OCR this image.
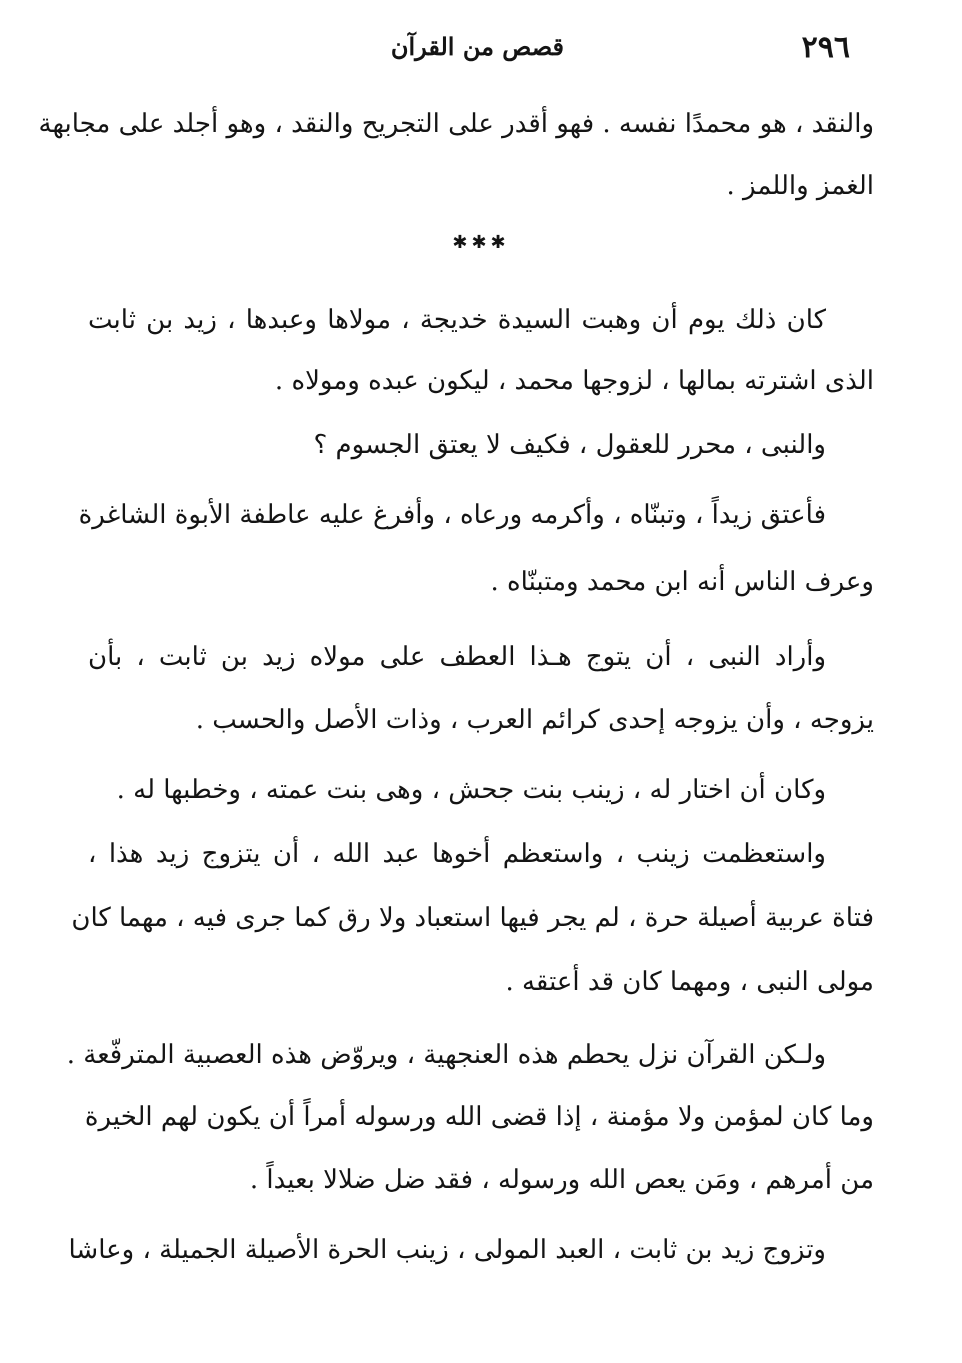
٢٩٦
قصص من القرآن
والنقد ، هو محمدًا نفسه . فهو أقدر على التجريح والنقد ، وهو أجلد على مجابهة
الغمز واللمز .
✱✱✱
كان ذلك يوم أن وهبت السيدة خديجة ، مولاها وعبدها ، زيد بن ثابت
الذى اشترته بمالها ، لزوجها محمد ، ليكون عبده ومولاه .
والنبى ، محرر للعقول ، فكيف لا يعتق الجسوم ؟
فأعتق زيداً ، وتبنّاه ، وأكرمه ورعاه ، وأفرغ عليه عاطفة الأبوة الشاغرة
وعرف الناس أنه ابن محمد ومتبنّاه .
وأراد النبى ، أن يتوج هـذا العطف على مولاه زيد بن ثابت ، بأن
يزوجه ، وأن يزوجه إحدى كرائم العرب ، وذات الأصل والحسب .
وكان أن اختار له ، زينب بنت جحش ، وهى بنت عمته ، وخطبها له .
واستعظمت زينب ، واستعظم أخوها عبد الله ، أن يتزوج زيد هذا ،
فتاة عربية أصيلة حرة ، لم يجر فيها استعباد ولا رق كما جرى فيه ، مهما كان
مولى النبى ، ومهما كان قد أعتقه .
ولـكن القرآن نزل يحطم هذه العنجهية ، ويروّض هذه العصبية المترفّعة .
وما كان لمؤمن ولا مؤمنة ، إذا قضى الله ورسوله أمراً أن يكون لهم الخيرة
من أمرهم ، ومَن يعص الله ورسوله ، فقد ضل ضلالا بعيداً .
وتزوج زيد بن ثابت ، العبد المولى ، زينب الحرة الأصيلة الجميلة ، وعاشا
